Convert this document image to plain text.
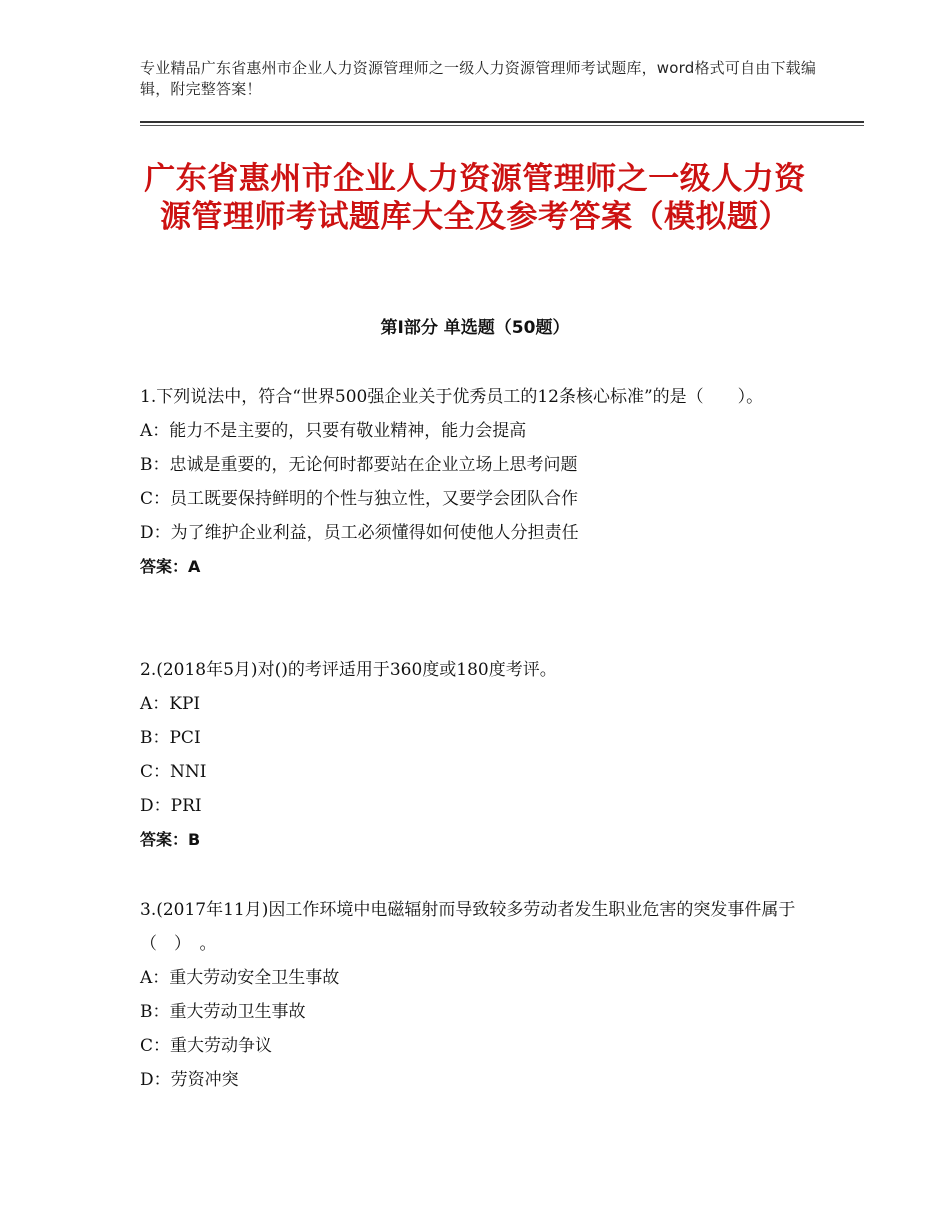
专业精品广东省惠州市企业人力资源管理师之一级人力资源管理师考试题库，word格式可自由下载编辑，附完整答案！
广东省惠州市企业人力资源管理师之一级人力资源管理师考试题库大全及参考答案（模拟题）
第Ⅰ部分 单选题（50题）
1.下列说法中，符合“世界500强企业关于优秀员工的12条核心标准”的是（　　）。
A：能力不是主要的，只要有敬业精神，能力会提高
B：忠诚是重要的，无论何时都要站在企业立场上思考问题
C：员工既要保持鲜明的个性与独立性，又要学会团队合作
D：为了维护企业利益，员工必须懂得如何使他人分担责任
答案：A
2.(2018年5月)对()的考评适用于360度或180度考评。
A：KPI
B：PCI
C：NNI
D：PRI
答案：B
3.(2017年11月)因工作环境中电磁辐射而导致较多劳动者发生职业危害的突发事件属于（　）　。
A：重大劳动安全卫生事故
B：重大劳动卫生事故
C：重大劳动争议
D：劳资冲突
